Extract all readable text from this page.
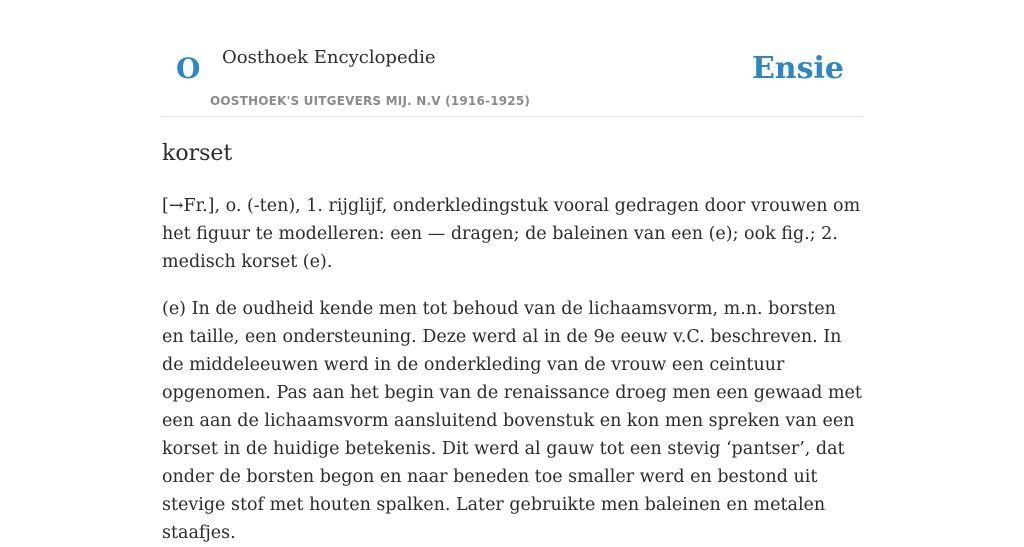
O Oosthoek Encyclopedie
OOSTHOEK'S UITGEVERS MIJ. N.V (1916-1925)
Ensie
korset

[→Fr.], o. (-ten), 1. rijglijf, onderkledingstuk vooral gedragen door vrouwen om het figuur te modelleren: een — dragen; de baleinen van een (e); ook fig.; 2. medisch korset (e).

(e) In de oudheid kende men tot behoud van de lichaamsvorm, m.n. borsten en taille, een ondersteuning. Deze werd al in de 9e eeuw v.C. beschreven. In de middeleeuwen werd in de onderkleding van de vrouw een ceintuur opgenomen. Pas aan het begin van de renaissance droeg men een gewaad met een aan de lichaamsvorm aansluitend bovenstuk en kon men spreken van een korset in de huidige betekenis. Dit werd al gauw tot een stevig ‘pantser’, dat onder de borsten begon en naar beneden toe smaller werd en bestond uit stevige stof met houten spalken. Later gebruikte men baleinen en metalen staafjes.
